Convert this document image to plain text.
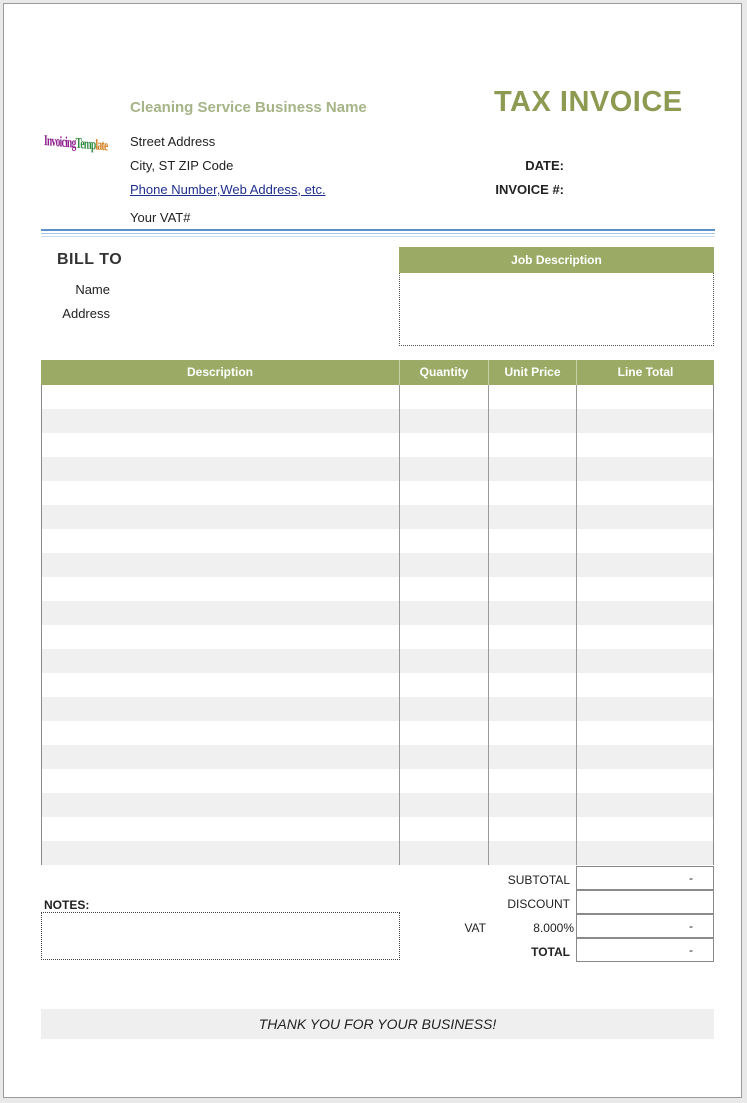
InvoicingTemplate
Cleaning Service Business Name	TAX INVOICE
Street Address
City, ST ZIP Code
Phone Number,Web Address, etc.
Your VAT#
DATE:
INVOICE #:
BILL TO
Name
Address
Job Description
Description	Quantity	Unit Price	Line Total
NOTES:
SUBTOTAL	-
DISCOUNT
VAT	8.000%	-
TOTAL	-
THANK YOU FOR YOUR BUSINESS!
